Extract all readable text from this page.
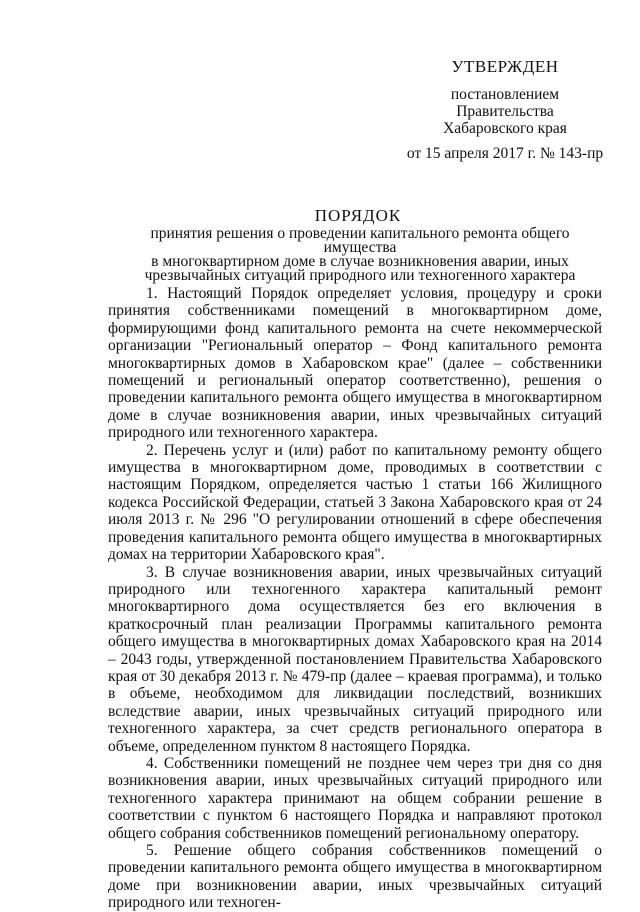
УТВЕРЖДЕН
постановлением
Правительства
Хабаровского края
от 15 апреля 2017 г. № 143-пр
ПОРЯДОК
принятия решения о проведении капитального ремонта общего имущества
в многоквартирном доме в случае возникновения аварии, иных
чрезвычайных ситуаций природного или техногенного характера

1. Настоящий Порядок определяет условия, процедуру и сроки принятия собственниками помещений в многоквартирном доме, формирующими фонд капитального ремонта на счете некоммерческой организации "Региональный оператор – Фонд капитального ремонта многоквартирных домов в Хабаровском крае" (далее – собственники помещений и региональный оператор соответственно), решения о проведении капитального ремонта общего имущества в многоквартирном доме в случае возникновения аварии, иных чрезвычайных ситуаций природного или техногенного характера.

2. Перечень услуг и (или) работ по капитальному ремонту общего имущества в многоквартирном доме, проводимых в соответствии с настоящим Порядком, определяется частью 1 статьи 166 Жилищного кодекса Российской Федерации, статьей 3 Закона Хабаровского края от 24 июля 2013 г. № 296 "О регулировании отношений в сфере обеспечения проведения капитального ремонта общего имущества в многоквартирных домах на территории Хабаровского края".

3. В случае возникновения аварии, иных чрезвычайных ситуаций природного или техногенного характера капитальный ремонт многоквартирного дома осуществляется без его включения в краткосрочный план реализации Программы капитального ремонта общего имущества в многоквартирных домах Хабаровского края на 2014 – 2043 годы, утвержденной постановлением Правительства Хабаровского края от 30 декабря 2013 г. № 479-пр (далее – краевая программа), и только в объеме, необходимом для ликвидации последствий, возникших вследствие аварии, иных чрезвычайных ситуаций природного или техногенного характера, за счет средств регионального оператора в объеме, определенном пунктом 8 настоящего Порядка.

4. Собственники помещений не позднее чем через три дня со дня возникновения аварии, иных чрезвычайных ситуаций природного или техногенного характера принимают на общем собрании решение в соответствии с пунктом 6 настоящего Порядка и направляют протокол общего собрания собственников помещений региональному оператору.

5. Решение общего собрания собственников помещений о проведении капитального ремонта общего имущества в многоквартирном доме при возникновении аварии, иных чрезвычайных ситуаций природного или техноген-
